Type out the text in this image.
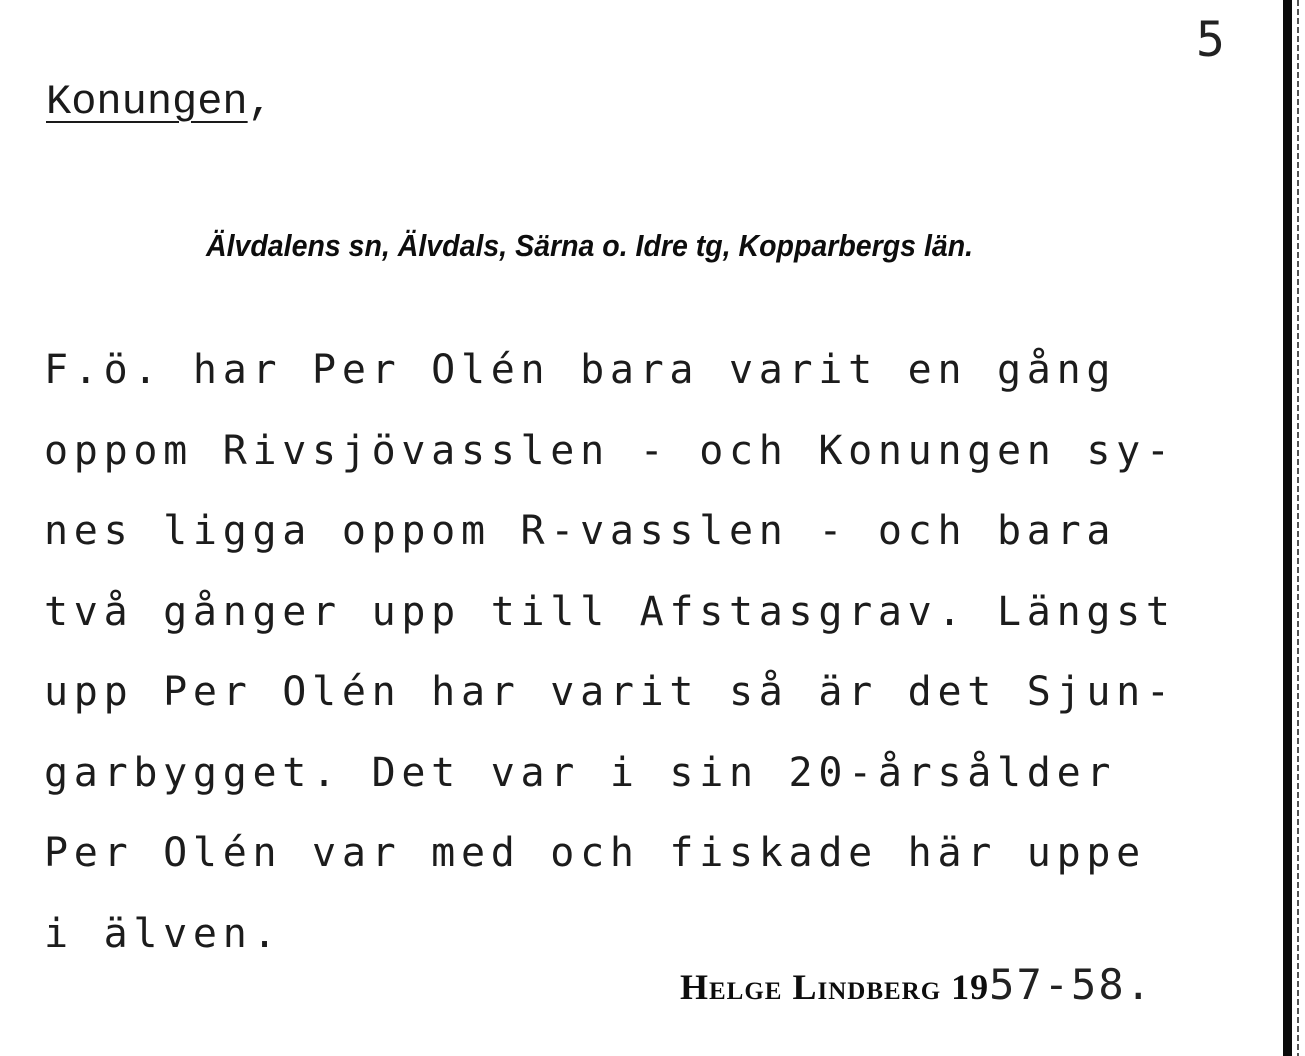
5
Konungen,
Älvdalens sn, Älvdals, Särna o. Idre tg, Kopparbergs län.
F.ö. har Per Olén bara varit en gång
oppom Rivsjövasslen - och Konungen sy-
nes ligga oppom R-vasslen - och bara
två gånger upp till Afstasgrav. Längst
upp Per Olén har varit så är det Sjun-
garbygget. Det var i sin 20-årsålder
Per Olén var med och fiskade här uppe
i älven.
Helge Lindberg 1957-58.
